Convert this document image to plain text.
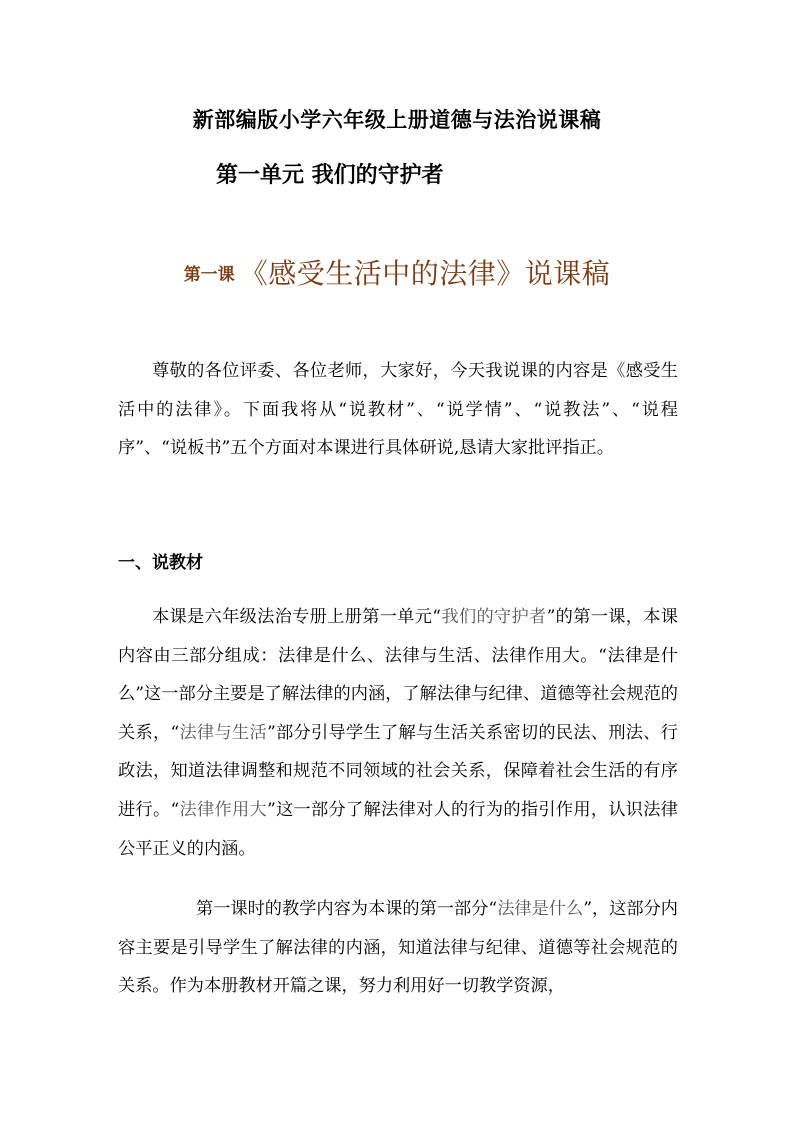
新部编版小学六年级上册道德与法治说课稿
第一单元 我们的守护者
第一课 《感受生活中的法律》说课稿

尊敬的各位评委、各位老师，大家好，今天我说课的内容是《感受生活中的法律》。下面我将从“说教材”、“说学情”、“说教法”、“说程序”、“说板书”五个方面对本课进行具体研说,恳请大家批评指正。

一、说教材

本课是六年级法治专册上册第一单元“我们的守护者”的第一课，本课内容由三部分组成：法律是什么、法律与生活、法律作用大。“法律是什么”这一部分主要是了解法律的内涵，了解法律与纪律、道德等社会规范的关系，“法律与生活”部分引导学生了解与生活关系密切的民法、刑法、行政法，知道法律调整和规范不同领域的社会关系，保障着社会生活的有序进行。“法律作用大”这一部分了解法律对人的行为的指引作用，认识法律公平正义的内涵。

第一课时的教学内容为本课的第一部分“法律是什么”，这部分内容主要是引导学生了解法律的内涵，知道法律与纪律、道德等社会规范的关系。作为本册教材开篇之课，努力利用好一切教学资源，
